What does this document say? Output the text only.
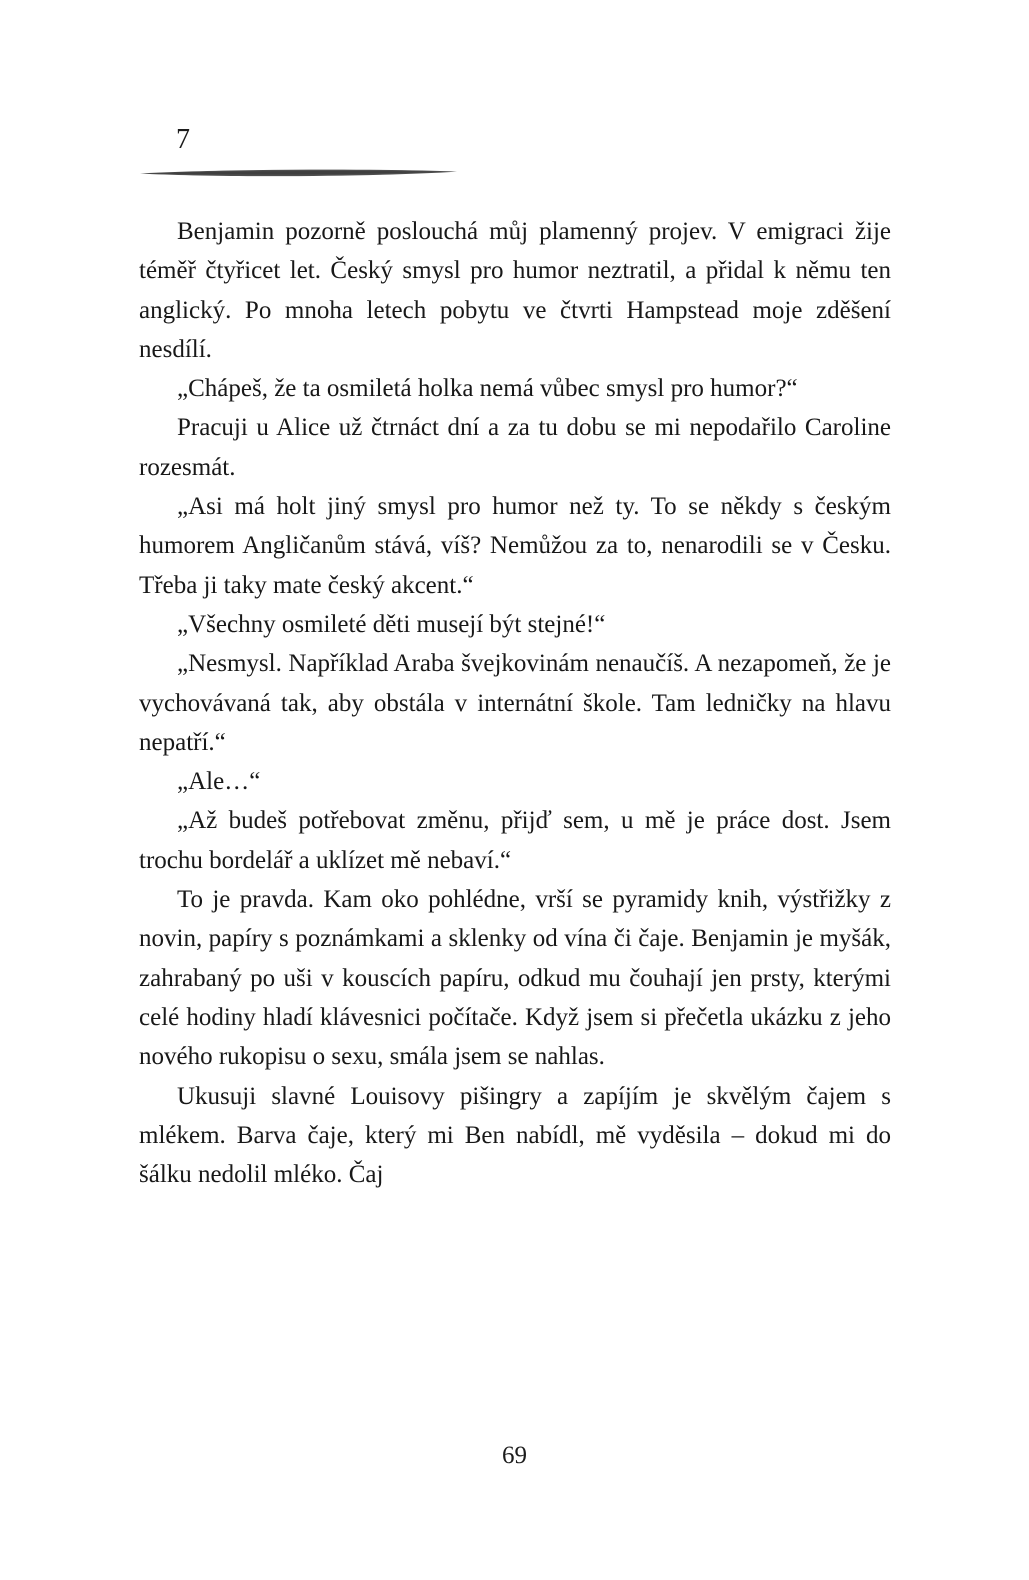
7

Benjamin pozorně poslouchá můj plamenný projev. V emigraci žije téměř čtyřicet let. Český smysl pro humor neztratil, a přidal k němu ten anglický. Po mnoha letech pobytu ve čtvrti Hampstead moje zděšení nesdílí.

„Chápeš, že ta osmiletá holka nemá vůbec smysl pro humor?“

Pracuji u Alice už čtrnáct dní a za tu dobu se mi nepodařilo Caroline rozesmát.

„Asi má holt jiný smysl pro humor než ty. To se někdy s českým humorem Angličanům stává, víš? Nemůžou za to, nenarodili se v Česku. Třeba ji taky mate český akcent.“

„Všechny osmileté děti musejí být stejné!“

„Nesmysl. Například Araba švejkovinám nenaučíš. A nezapomeň, že je vychovávaná tak, aby obstála v internátní škole. Tam ledničky na hlavu nepatří.“

„Ale…“

„Až budeš potřebovat změnu, přijď sem, u mě je práce dost. Jsem trochu bordelář a uklízet mě nebaví.“

To je pravda. Kam oko pohlédne, vrší se pyramidy knih, výstřižky z novin, papíry s poznámkami a sklenky od vína či čaje. Benjamin je myšák, zahrabaný po uši v kouscích papíru, odkud mu čouhají jen prsty, kterými celé hodiny hladí klávesnici počítače. Když jsem si přečetla ukázku z jeho nového rukopisu o sexu, smála jsem se nahlas.

Ukusuji slavné Louisovy pišingry a zapíjím je skvělým čajem s mlékem. Barva čaje, který mi Ben nabídl, mě vyděsila – dokud mi do šálku nedolil mléko. Čaj

69
